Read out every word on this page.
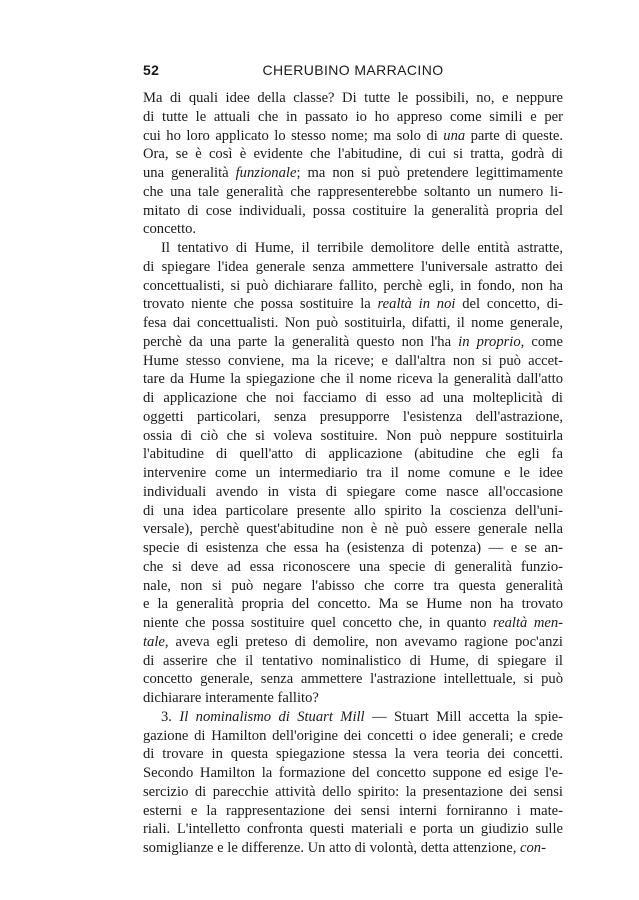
52	CHERUBINO MARRACINO

Ma di quali idee della classe? Di tutte le possibili, no, e neppure
di tutte le attuali che in passato io ho appreso come simili e per
cui ho loro applicato lo stesso nome; ma solo di una parte di queste.
Ora, se è così è evidente che l'abitudine, di cui si tratta, godrà di
una generalità funzionale; ma non si può pretendere legittimamente
che una tale generalità che rappresenterebbe soltanto un numero li-
mitato di cose individuali, possa costituire la generalità propria del
concetto.

Il tentativo di Hume, il terribile demolitore delle entità astratte,
di spiegare l'idea generale senza ammettere l'universale astratto dei
concettualisti, si può dichiarare fallito, perchè egli, in fondo, non ha
trovato niente che possa sostituire la realtà in noi del concetto, di-
fesa dai concettualisti. Non può sostituirla, difatti, il nome generale,
perchè da una parte la generalità questo non l'ha in proprio, come
Hume stesso conviene, ma la riceve; e dall'altra non si può accet-
tare da Hume la spiegazione che il nome riceva la generalità dall'atto
di applicazione che noi facciamo di esso ad una molteplicità di
oggetti particolari, senza presupporre l'esistenza dell'astrazione,
ossia di ciò che si voleva sostituire. Non può neppure sostituirla
l'abitudine di quell'atto di applicazione (abitudine che egli fa
intervenire come un intermediario tra il nome comune e le idee
individuali avendo in vista di spiegare come nasce all'occasione
di una idea particolare presente allo spirito la coscienza dell'uni-
versale), perchè quest'abitudine non è nè può essere generale nella
specie di esistenza che essa ha (esistenza di potenza) — e se an-
che si deve ad essa riconoscere una specie di generalità funzio-
nale, non si può negare l'abisso che corre tra questa generalità
e la generalità propria del concetto. Ma se Hume non ha trovato
niente che possa sostituire quel concetto che, in quanto realtà men-
tale, aveva egli preteso di demolire, non avevamo ragione poc'anzi
di asserire che il tentativo nominalistico di Hume, di spiegare il
concetto generale, senza ammettere l'astrazione intellettuale, si può
dichiarare interamente fallito?

3. Il nominalismo di Stuart Mill — Stuart Mill accetta la spie-
gazione di Hamilton dell'origine dei concetti o idee generali; e crede
di trovare in questa spiegazione stessa la vera teoria dei concetti.
Secondo Hamilton la formazione del concetto suppone ed esige l'e-
sercizio di parecchie attività dello spirito: la presentazione dei sensi
esterni e la rappresentazione dei sensi interni forniranno i mate-
riali. L'intelletto confronta questi materiali e porta un giudizio sulle
somiglianze e le differenze. Un atto di volontà, detta attenzione, con-
